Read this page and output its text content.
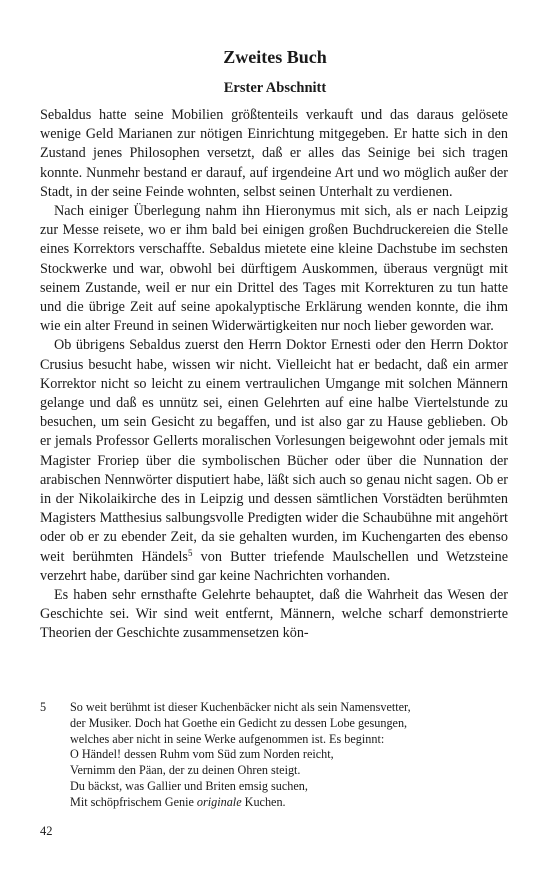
Zweites Buch
Erster Abschnitt

Sebaldus hatte seine Mobilien größtenteils verkauft und das daraus gelösete wenige Geld Marianen zur nötigen Einrichtung mitgegeben. Er hatte sich in den Zustand jenes Philosophen versetzt, daß er alles das Seinige bei sich tragen konnte. Nunmehr bestand er darauf, auf irgendeine Art und wo möglich außer der Stadt, in der seine Feinde wohnten, selbst seinen Unterhalt zu verdienen.

Nach einiger Überlegung nahm ihn Hieronymus mit sich, als er nach Leipzig zur Messe reisete, wo er ihm bald bei einigen großen Buchdruckereien die Stelle eines Korrektors verschaffte. Sebaldus mietete eine kleine Dachstube im sechsten Stockwerke und war, obwohl bei dürftigem Auskommen, überaus vergnügt mit seinem Zustande, weil er nur ein Drittel des Tages mit Korrekturen zu tun hatte und die übrige Zeit auf seine apokalyptische Erklärung wenden konnte, die ihm wie ein alter Freund in seinen Widerwärtigkeiten nur noch lieber geworden war.

Ob übrigens Sebaldus zuerst den Herrn Doktor Ernesti oder den Herrn Doktor Crusius besucht habe, wissen wir nicht. Vielleicht hat er bedacht, daß ein armer Korrektor nicht so leicht zu einem vertraulichen Umgange mit solchen Männern gelange und daß es unnütz sei, einen Gelehrten auf eine halbe Viertelstunde zu besuchen, um sein Gesicht zu begaffen, und ist also gar zu Hause geblieben. Ob er jemals Professor Gellerts moralischen Vorlesungen beigewohnt oder jemals mit Magister Froriep über die symbolischen Bücher oder über die Nunnation der arabischen Nennwörter disputiert habe, läßt sich auch so genau nicht sagen. Ob er in der Nikolaikirche des in Leipzig und dessen sämtlichen Vorstädten berühmten Magisters Matthesius salbungsvolle Predigten wider die Schaubühne mit angehört oder ob er zu ebender Zeit, da sie gehalten wurden, im Kuchengarten des ebenso weit berühmten Händels$^5$ von Butter triefende Maulschellen und Wetzsteine verzehrt habe, darüber sind gar keine Nachrichten vorhanden.

Es haben sehr ernsthafte Gelehrte behauptet, daß die Wahrheit das Wesen der Geschichte sei. Wir sind weit entfernt, Männern, welche scharf demonstrierte Theorien der Geschichte zusammensetzen kön-

5 So weit berühmt ist dieser Kuchenbäcker nicht als sein Namensvetter,
der Musiker. Doch hat Goethe ein Gedicht zu dessen Lobe gesungen,
welches aber nicht in seine Werke aufgenommen ist. Es beginnt:
O Händel! dessen Ruhm vom Süd zum Norden reicht,
Vernimm den Päan, der zu deinen Ohren steigt.
Du bäckst, was Gallier und Briten emsig suchen,
Mit schöpfrischem Genie originale Kuchen.
42
